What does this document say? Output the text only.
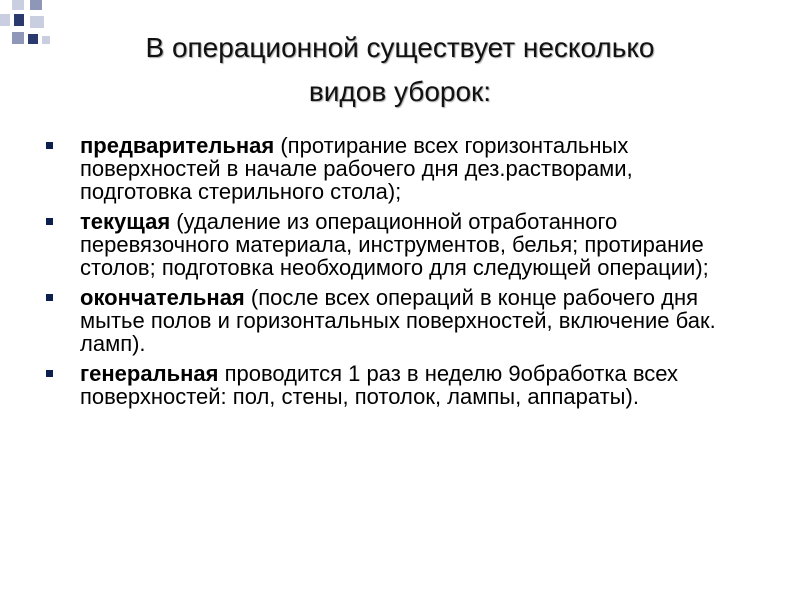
В операционной существует несколько
видов уборок:
предварительная (протирание всех горизонтальных поверхностей в начале рабочего дня дез.растворами, подготовка стерильного стола);
текущая (удаление из операционной отработанного перевязочного материала, инструментов, белья; протирание столов; подготовка необходимого для следующей операции);
окончательная (после всех операций в конце рабочего дня мытье полов и горизонтальных поверхностей, включение бак. ламп).
генеральная проводится 1 раз в неделю 9обработка всех поверхностей: пол, стены, потолок, лампы, аппараты).
